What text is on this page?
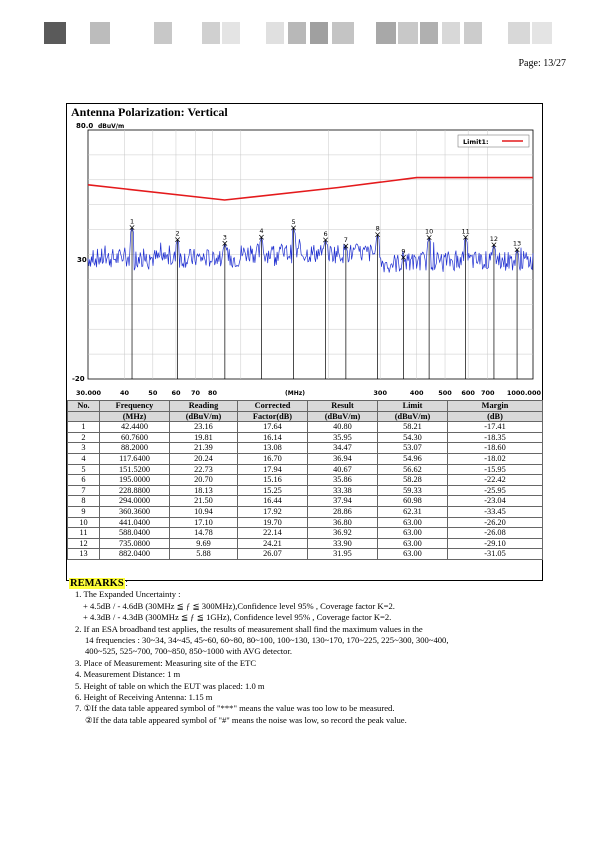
Page: 13/27
Antenna Polarization: Vertical
1
2	3
4
5
6
7
8
9
10	11
12
13
80.0 dBuV/m
30
-20
(MHz)
30.000	40	50 60 70 80	300	400 500 600 700 1000.000
Limit1:
No.	Frequency	Reading	Corrected	Result	Limit	Margin
	(MHz)	(dBuV/m)	Factor(dB)	(dBuV/m)	(dBuV/m)	(dB)
1	42.4400	23.16	17.64	40.80	58.21	-17.41
2	60.7600	19.81	16.14	35.95	54.30	-18.35
3	88.2000	21.39	13.08	34.47	53.07	-18.60
4	117.6400	20.24	16.70	36.94	54.96	-18.02
5	151.5200	22.73	17.94	40.67	56.62	-15.95
6	195.0000	20.70	15.16	35.86	58.28	-22.42
7	228.8800	18.13	15.25	33.38	59.33	-25.95
8	294.0000	21.50	16.44	37.94	60.98	-23.04
9	360.3600	10.94	17.92	28.86	62.31	-33.45
10	441.0400	17.10	19.70	36.80	63.00	-26.20
11	588.0400	14.78	22.14	36.92	63.00	-26.08
12	735.0800	9.69	24.21	33.90	63.00	-29.10
13	882.0400	5.88	26.07	31.95	63.00	-31.05
REMARKS：
1. The Expanded Uncertainty :
+ 4.5dB / - 4.6dB (30MHz ≦ ƒ ≦ 300MHz),Confidence level 95% , Coverage factor K=2.
+ 4.3dB / - 4.3dB (300MHz ≦ ƒ ≦ 1GHz), Confidence level 95% , Coverage factor K=2.
2. If an ESA broadband test applies, the results of measurement shall find the maximum values in the
14 frequencies : 30~34, 34~45, 45~60, 60~80, 80~100, 100~130, 130~170, 170~225, 225~300, 300~400,
400~525, 525~700, 700~850, 850~1000 with AVG detector.
3. Place of Measurement: Measuring site of the ETC
4. Measurement Distance: 1 m
5. Height of table on which the EUT was placed: 1.0 m
6. Height of Receiving Antenna: 1.15 m
7. ①If the data table appeared symbol of "***" means the value was too low to be measured.
②If the data table appeared symbol of "#" means the noise was low, so record the peak value.
